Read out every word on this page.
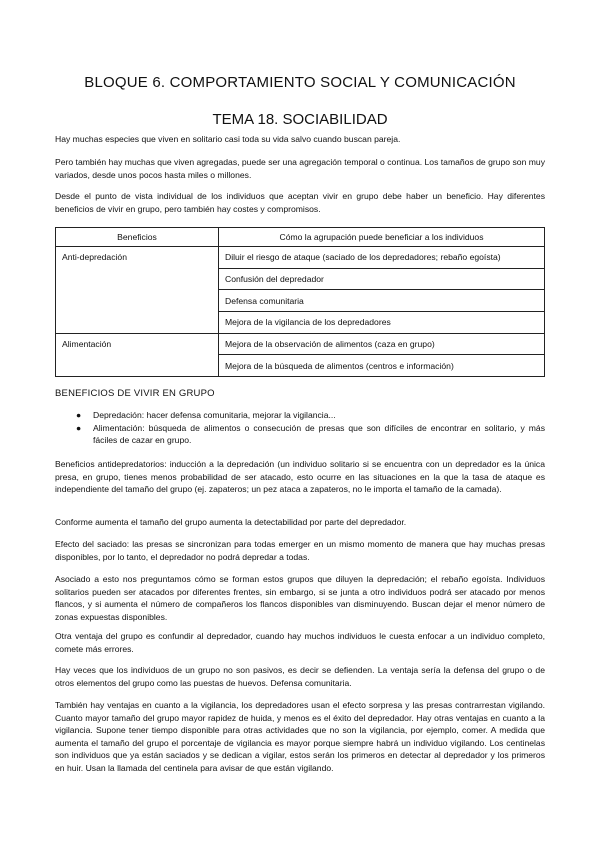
BLOQUE 6. COMPORTAMIENTO SOCIAL Y COMUNICACIÓN
TEMA 18. SOCIABILIDAD

Hay muchas especies que viven en solitario casi toda su vida salvo cuando buscan pareja.

Pero también hay muchas que viven agregadas, puede ser una agregación temporal o continua. Los tamaños de grupo son muy variados, desde unos pocos hasta miles o millones.

Desde el punto de vista individual de los individuos que aceptan vivir en grupo debe haber un beneficio. Hay diferentes beneficios de vivir en grupo, pero también hay costes y compromisos.

Beneficios	Cómo la agrupación puede beneficiar a los individuos
Anti-depredación	Diluir el riesgo de ataque (saciado de los depredadores; rebaño egoísta)
	Confusión del depredador
	Defensa comunitaria
	Mejora de la vigilancia de los depredadores
Alimentación	Mejora de la observación de alimentos (caza en grupo)
	Mejora de la búsqueda de alimentos (centros e información)
BENEFICIOS DE VIVIR EN GRUPO
● Depredación: hacer defensa comunitaria, mejorar la vigilancia...
● Alimentación: búsqueda de alimentos o consecución de presas que son difíciles de encontrar en solitario, y más fáciles de cazar en grupo.

Beneficios antidepredatorios: inducción a la depredación (un individuo solitario si se encuentra con un depredador es la única presa, en grupo, tienes menos probabilidad de ser atacado, esto ocurre en las situaciones en la que la tasa de ataque es independiente del tamaño del grupo (ej. zapateros; un pez ataca a zapateros, no le importa el tamaño de la camada).

Conforme aumenta el tamaño del grupo aumenta la detectabilidad por parte del depredador.

Efecto del saciado: las presas se sincronizan para todas emerger en un mismo momento de manera que hay muchas presas disponibles, por lo tanto, el depredador no podrá depredar a todas.

Asociado a esto nos preguntamos cómo se forman estos grupos que diluyen la depredación; el rebaño egoísta. Individuos solitarios pueden ser atacados por diferentes frentes, sin embargo, si se junta a otro individuos podrá ser atacado por menos flancos, y si aumenta el número de compañeros los flancos disponibles van disminuyendo. Buscan dejar el menor número de zonas expuestas disponibles.

Otra ventaja del grupo es confundir al depredador, cuando hay muchos individuos le cuesta enfocar a un individuo completo, comete más errores.

Hay veces que los individuos de un grupo no son pasivos, es decir se defienden. La ventaja sería la defensa del grupo o de otros elementos del grupo como las puestas de huevos. Defensa comunitaria.

También hay ventajas en cuanto a la vigilancia, los depredadores usan el efecto sorpresa y las presas contrarrestan vigilando. Cuanto mayor tamaño del grupo mayor rapidez de huida, y menos es el éxito del depredador. Hay otras ventajas en cuanto a la vigilancia. Supone tener tiempo disponible para otras actividades que no son la vigilancia, por ejemplo, comer. A medida que aumenta el tamaño del grupo el porcentaje de vigilancia es mayor porque siempre habrá un individuo vigilando. Los centinelas son individuos que ya están saciados y se dedican a vigilar, estos serán los primeros en detectar al depredador y los primeros en huir. Usan la llamada del centinela para avisar de que están vigilando.
